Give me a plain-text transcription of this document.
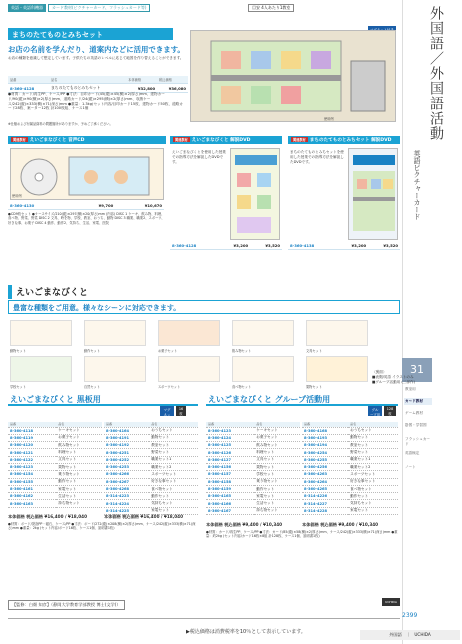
英語・英語科機器 カード教材(ピクチャーカード、フラッシュカード等)	目安 4人あたり1教室	外国語／外国語活動
英語ピクチャーカード
31
教室用
カード教材
ゲーム教材
掛図・学習図
フラッシュカード
英語検定
ノート
2399
まちのたてものとみちセット
お店の名前を学んだり、道案内などに活用できます。
お店の種類を意識して想定しています。子供たちの英語のレベルに応じて地図を作り替えることができます。
使用例
品番	品名	本体価格	税込価格
8-360-4128	まちのたてものとみちセット	¥32,800	¥36,080
●材質：カード/再生PP、ケース/PP ●寸法：目印カード(45(縦)×45(横)×2(厚さ)mm、建物カード/90(縦)×90(横)×2(厚さ)mm、道路カード/24(縦)×295(横)×2(厚さ)mm、収納ケース/242(縦)×333(横)×71(深さ)mm ●重量：1.3kg(セット内容/目印カード15枚、建物カード50枚、道路カード28枚、案ーター12枚 計100枚組、ケース1個
※仕様および付属品資料の問題箇所がありますか、予めご了承ください。
関連教材 えいごまなびくと 音声CD
使用例
8-360-4130	¥9,700	¥10,670
●CD9枚セット ●ケースサイズ/210(縦)×297(横)×20(厚さ)mm (内容) DISC 1 ケーキ、飲み物、料理、食べ物、野菜、野菜 DISC 2 文具、時を物、学校、教室、おうち、動物 DISC 3 職業、職業2、スポーツ、好きな事、お菓子 DISC 4 動作、動作2、気持ち、生活、家電、医院
関連教材 えいごまなびくと 解説DVD
えいごまなびくとを使用した授業での指導方法を解説したDVDです。
8-360-4128	¥3,200	¥3,520
関連教材 まちのたてものとみちセット 解説DVD
まちのたてものとみちセットを使用した授業での指導方法を解説したDVDです。
8-360-4138	¥3,200	¥3,520
えいごまなびくと
豊富な種類をご用意。様々なシーンに対応できます。
動物セット	動作セット	お菓子セット	飲み物セット	文具セット
学校セット	自然セット	スポーツセット	食べ物セット	果物セット
〈裏面〉
■表側/英語 イラストのみ
■グループ活動用 (三部作)
えいごまなびくと 黒板用
マグネット付
16枚
品番	品名
8-360-4118	ケーキセット
8-360-4119	お菓子セット
8-360-4120	飲み物セット
8-360-4121	料理セット
8-360-4122	文具セット
8-360-4123	果物セット
8-360-4154	乗り物セット
8-360-4155	動作セット
8-360-4161	家電セット
8-360-4162	生活セット
8-360-4163	持ち物セット
品番	品名
8-360-4164	おうちセット
8-360-4191	動物セット
8-360-4192	教室セット
8-360-4251	野菜セット
8-360-4252	職業セット1
8-360-4253	職業セット2
8-360-4266	スポーツセット
8-360-4267	好きな事セット
8-360-4268	食べ物セット
8-314-4223	動作セット
8-314-4224	気持ちセット
8-314-4225	家電セット
本体価格 税込価格 ¥16,400 / ¥18,040	本体価格 税込価格 ¥16,400 / ¥18,040
●材質：ボード/発泡PP・磁石、ケース/PP ●寸法：ボード/272(縦)×208(横)×2(厚さ)mm、ケース/242(縦)×333(横)×71(深さ)mm ●重量：2kg (セット内容/ボード16枚、ケース1個、説明書1枚)
えいごまなびくと グループ活動用
グループ用
128枚
品番	品名
8-360-4123	ケーキセット
8-360-4124	お菓子セット
8-360-4125	飲み物セット
8-360-4126	料理セット
8-360-4127	文具セット
8-360-4156	果物セット
8-360-4157	学校セット
8-360-4158	乗り物セット
8-360-4159	動作セット
8-360-4165	家電セット
8-360-4166	生活セット
8-360-4167	持ち物セット
品番	品名
8-360-4168	おうちセット
8-360-4193	動物セット
8-360-4194	教室セット
8-360-4254	野菜セット
8-360-4255	職業セット1
8-360-4256	職業セット2
8-360-4263	スポーツセット
8-360-4264	好きな事セット
8-360-4265	食べ物セット
8-314-4226	動作セット
8-314-4227	気持ちセット
8-314-4228	家電セット
本体価格 税込価格 ¥9,400 / ¥10,340	本体価格 税込価格 ¥9,400 / ¥10,340
●材質：カード/再生PP、ケース/PP ●寸法：カード/85(縦)×58(横)×2(厚さ)mm、ケース/242(縦)×333(横)×71(深さ)mm ●重量：約2kg (セット内容/カード16枚×8組 計128枚、ケース1個、説明書1枚)
【監修：白畑 知彦】（静岡大学教育学部教授 博士(文学)）	UCHIDA
▶税込価格は消費税率を10％として表示しています。	外国語　｜　UCHIDA
